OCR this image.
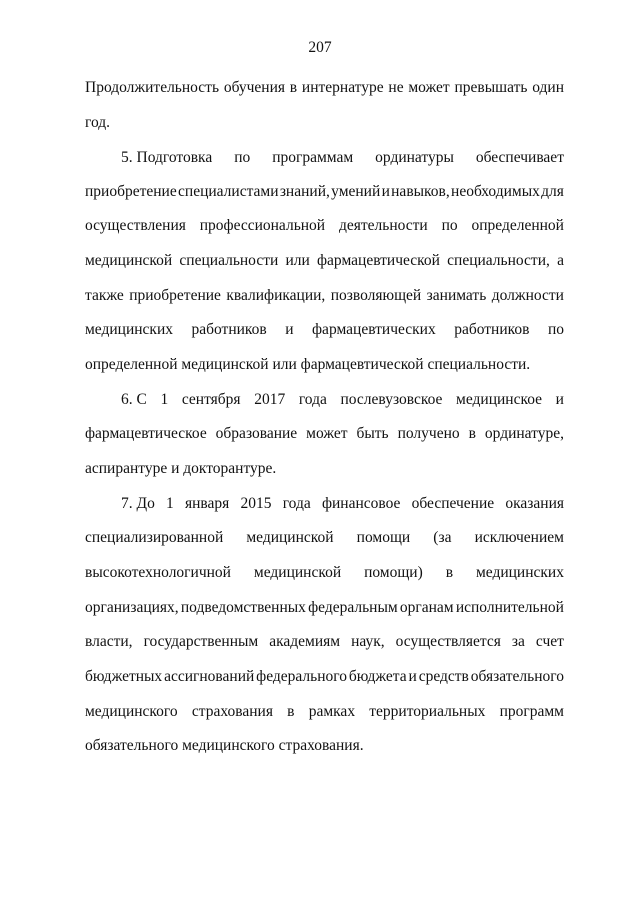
207
Продолжительность обучения в интернатуре не может превышать один
год.
5. Подготовка по программам ординатуры обеспечивает
приобретение специалистами знаний, умений и навыков, необходимых для
осуществления профессиональной деятельности по определенной
медицинской специальности или фармацевтической специальности, а
также приобретение квалификации, позволяющей занимать должности
медицинских работников и фармацевтических работников по
определенной медицинской или фармацевтической специальности.
6. С 1 сентября 2017 года послевузовское медицинское и
фармацевтическое образование может быть получено в ординатуре,
аспирантуре и докторантуре.
7. До 1 января 2015 года финансовое обеспечение оказания
специализированной медицинской помощи (за исключением
высокотехнологичной медицинской помощи) в медицинских
организациях, подведомственных федеральным органам исполнительной
власти, государственным академиям наук, осуществляется за счет
бюджетных ассигнований федерального бюджета и средств обязательного
медицинского страхования в рамках территориальных программ
обязательного медицинского страхования.
